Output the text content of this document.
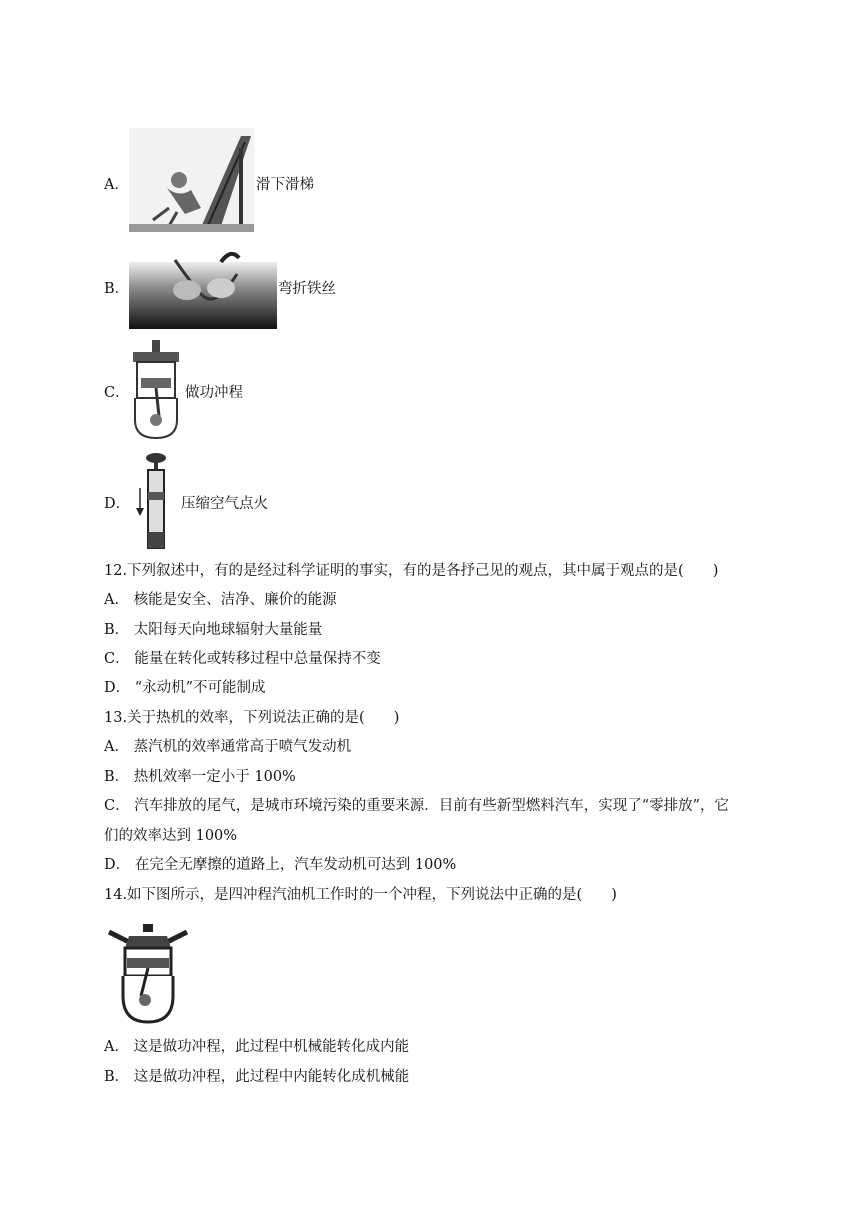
A．	滑下滑梯
B．	弯折铁丝
C．	做功冲程
D．	压缩空气点火
12.下列叙述中，有的是经过科学证明的事实，有的是各抒己见的观点，其中属于观点的是(　　)
A． 核能是安全、洁净、廉价的能源
B． 太阳每天向地球辐射大量能量
C． 能量在转化或转移过程中总量保持不变
D． “永动机”不可能制成
13.关于热机的效率，下列说法正确的是(　　)
A． 蒸汽机的效率通常高于喷气发动机
B． 热机效率一定小于 100%
C． 汽车排放的尾气，是城市环境污染的重要来源．目前有些新型燃料汽车，实现了“零排放”，它
们的效率达到 100%
D． 在完全无摩擦的道路上，汽车发动机可达到 100%
14.如下图所示，是四冲程汽油机工作时的一个冲程，下列说法中正确的是(　　)
A． 这是做功冲程，此过程中机械能转化成内能
B． 这是做功冲程，此过程中内能转化成机械能
